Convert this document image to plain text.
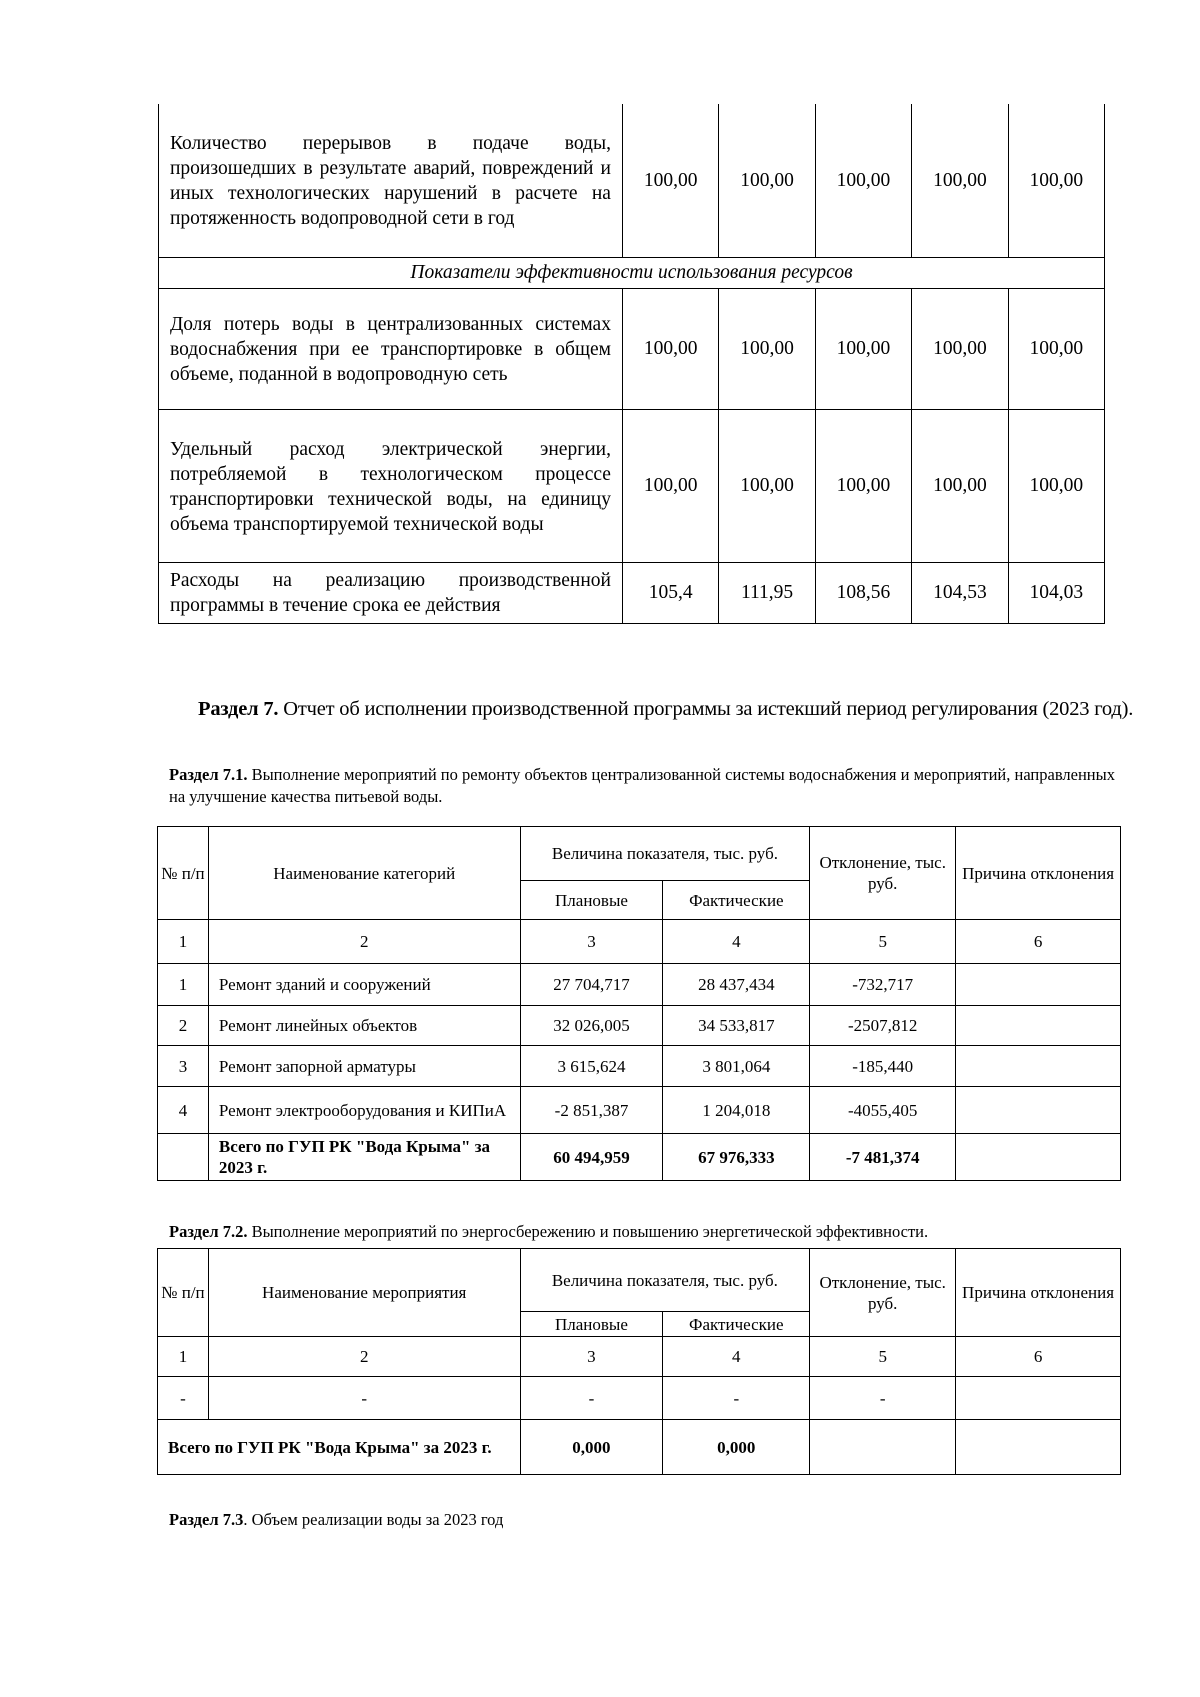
Количество перерывов в подаче воды, произошедших в результате аварий, повреждений и иных технологических нарушений в расчете на протяженность водопроводной сети в год	100,00	100,00	100,00	100,00	100,00
Показатели эффективности использования ресурсов					
Доля потерь воды в централизованных системах водоснабжения при ее транспортировке в общем объеме, поданной в водопроводную сеть	100,00	100,00	100,00	100,00	100,00
Удельный расход электрической энергии, потребляемой в технологическом процессе транспортировки технической воды, на единицу объема транспортируемой технической воды	100,00	100,00	100,00	100,00	100,00
Расходы на реализацию производственной программы в течение срока ее действия	105,4	111,95	108,56	104,53	104,03
Раздел 7. Отчет об исполнении производственной программы за истекший период регулирования (2023 год).
Раздел 7.1. Выполнение мероприятий по ремонту объектов централизованной системы водоснабжения и мероприятий, направленных на улучшение качества питьевой воды.
№ п/п	Наименование категорий	Величина показателя, тыс. руб.		Отклонение, тыс. руб.	Причина отклонения
		Плановые	Фактические		
1	2	3	4	5	6
1	Ремонт зданий и сооружений	27 704,717	28 437,434	-732,717	
2	Ремонт линейных объектов	32 026,005	34 533,817	-2507,812	
3	Ремонт запорной арматуры	3 615,624	3 801,064	-185,440	
4	Ремонт электрооборудования и КИПиА	-2 851,387	1 204,018	-4055,405	
	Всего по ГУП РК "Вода Крыма" за 2023 г.	60 494,959	67 976,333	-7 481,374	
Раздел 7.2. Выполнение мероприятий по энергосбережению и повышению энергетической эффективности.
№ п/п	Наименование мероприятия	Величина показателя, тыс. руб.		Отклонение, тыс. руб.	Причина отклонения
		Плановые	Фактические		
1	2	3	4	5	6
-	-	-	-	-	
Всего по ГУП РК "Вода Крыма" за 2023 г.		0,000	0,000		
Раздел 7.3. Объем реализации воды за 2023 год
